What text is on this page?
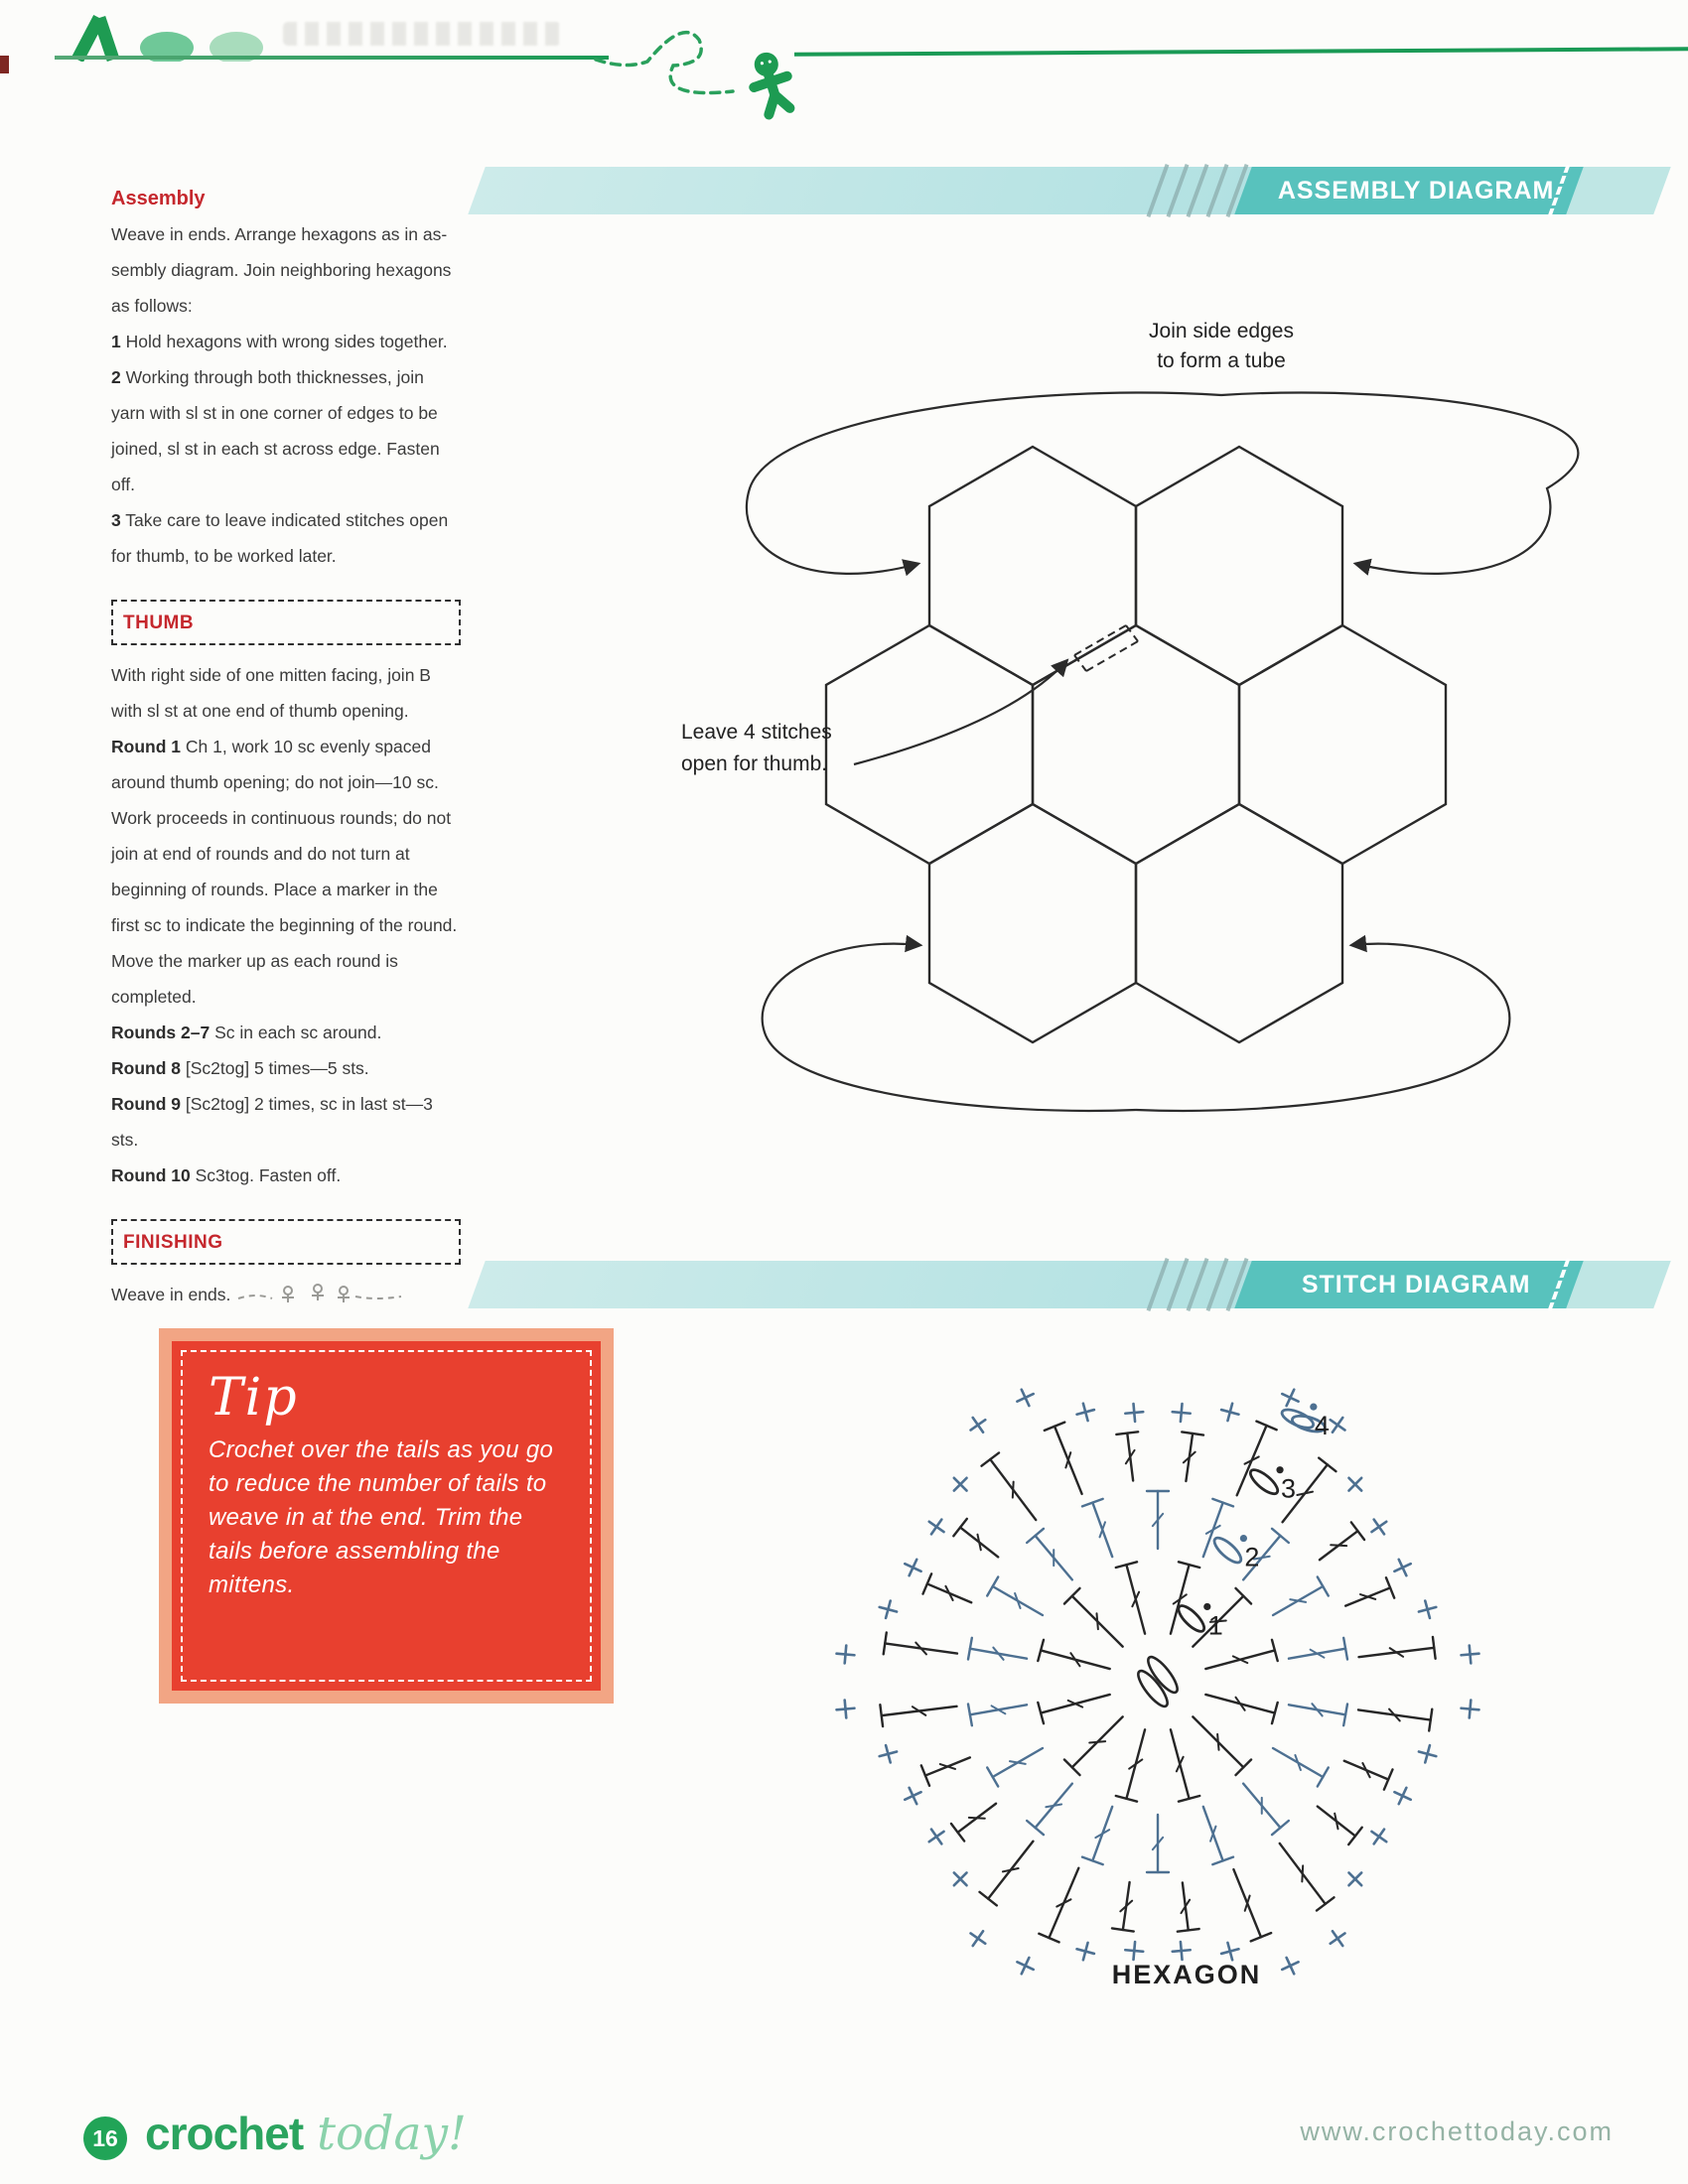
Assembly

Weave in ends. Arrange hexagons as in as-sembly diagram. Join neighboring hexagons as follows:

1 Hold hexagons with wrong sides together.

2 Working through both thicknesses, join yarn with sl st in one corner of edges to be joined, sl st in each st across edge. Fasten off.

3 Take care to leave indicated stitches open for thumb, to be worked later.

THUMB

With right side of one mitten facing, join B with sl st at one end of thumb opening.

Round 1 Ch 1, work 10 sc evenly spaced around thumb opening; do not join—10 sc. Work proceeds in continuous rounds; do not join at end of rounds and do not turn at beginning of rounds. Place a marker in the first sc to indicate the beginning of the round. Move the marker up as each round is completed.

Rounds 2–7 Sc in each sc around.

Round 8 [Sc2tog] 5 times—5 sts.

Round 9 [Sc2tog] 2 times, sc in last st—3 sts.

Round 10 Sc3tog. Fasten off.

FINISHING

Weave in ends.

Tip
Crochet over the tails as you go to reduce the number of tails to weave in at the end. Trim the tails before assembling the mittens.
ASSEMBLY DIAGRAM
Join side edges
to form a tube
Leave 4 stitches
open for thumb.
STITCH DIAGRAM
1
2
3
4
HEXAGON
16 crochet today!	www.crochettoday.com
